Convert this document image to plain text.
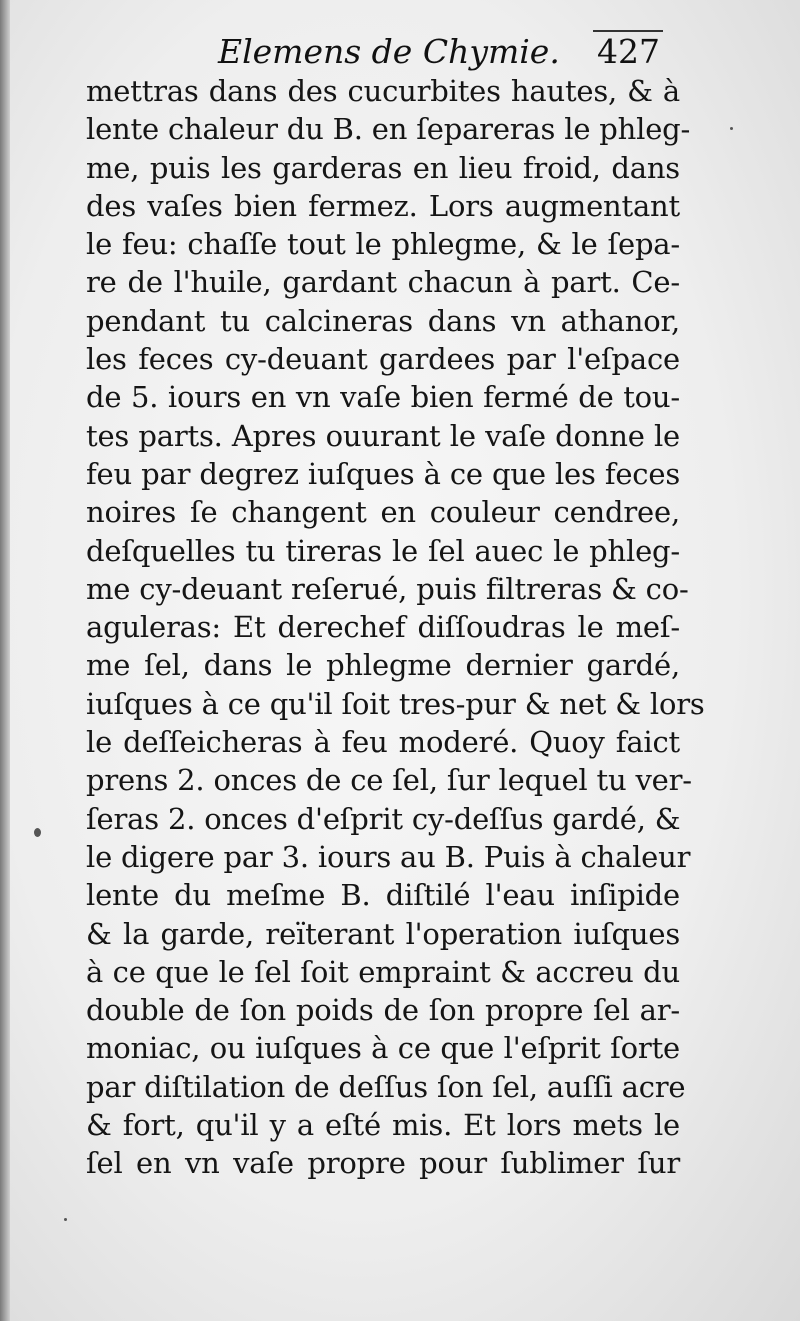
Elemens de Chymie. 427
mettras dans des cucurbites hautes, & à
lente chaleur du B. en ſepareras le phleg-
me, puis les garderas en lieu froid, dans
des vaſes bien fermez. Lors augmentant
le feu: chaſſe tout le phlegme, & le ſepa-
re de l'huile, gardant chacun à part. Ce-
pendant tu calcineras dans vn athanor,
les feces cy-deuant gardees par l'eſpace
de 5. iours en vn vaſe bien fermé de tou-
tes parts. Apres ouurant le vaſe donne le
feu par degrez iuſques à ce que les feces
noires ſe changent en couleur cendree,
deſquelles tu tireras le ſel auec le phleg-
me cy-deuant reſerué, puis filtreras & co-
aguleras: Et derechef diſſoudras le meſ-
me ſel, dans le phlegme dernier gardé,
iuſques à ce qu'il ſoit tres-pur & net & lors
le deſſeicheras à feu moderé. Quoy faict
prens 2. onces de ce ſel, ſur lequel tu ver-
ſeras 2. onces d'eſprit cy-deſſus gardé, &
le digere par 3. iours au B. Puis à chaleur
lente du meſme B. diſtilé l'eau inſipide
& la garde, reïterant l'operation iuſques
à ce que le ſel ſoit empraint & accreu du
double de ſon poids de ſon propre ſel ar-
moniac, ou iuſques à ce que l'eſprit ſorte
par diſtilation de deſſus ſon ſel, auſſi acre
& fort, qu'il y a eſté mis. Et lors mets le
ſel en vn vaſe propre pour ſublimer ſur
